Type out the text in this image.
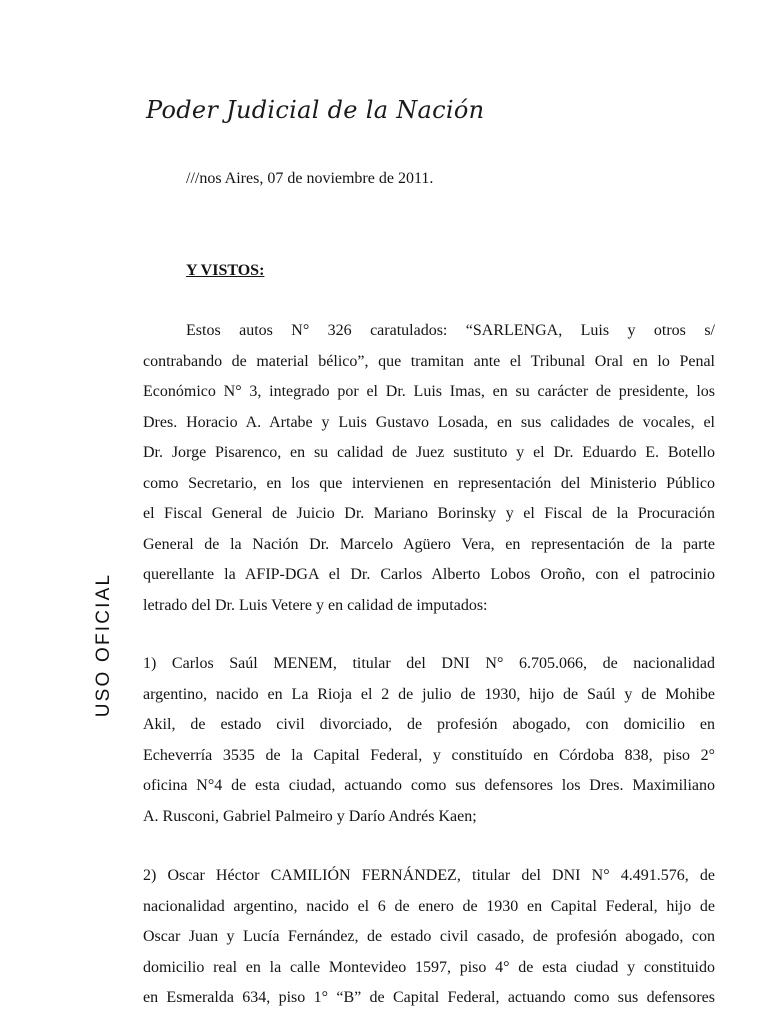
Poder Judicial de la Nación
USO OFICIAL
///nos Aires, 07 de noviembre de 2011.
Y VISTOS:

Estos autos N° 326 caratulados: “SARLENGA, Luis y otros s/
contrabando de material bélico”, que tramitan ante el Tribunal Oral en lo Penal
Económico N° 3, integrado por el Dr. Luis Imas, en su carácter de presidente, los
Dres. Horacio A. Artabe y Luis Gustavo Losada, en sus calidades de vocales, el
Dr. Jorge Pisarenco, en su calidad de Juez sustituto y el Dr. Eduardo E. Botello
como Secretario, en los que intervienen en representación del Ministerio Público
el Fiscal General de Juicio Dr. Mariano Borinsky y el Fiscal de la Procuración
General de la Nación Dr. Marcelo Agüero Vera, en representación de la parte
querellante la AFIP-DGA el Dr. Carlos Alberto Lobos Oroño, con el patrocinio
letrado del Dr. Luis Vetere y en calidad de imputados:

1) Carlos Saúl MENEM, titular del DNI N° 6.705.066, de nacionalidad
argentino, nacido en La Rioja el 2 de julio de 1930, hijo de Saúl y de Mohibe
Akil, de estado civil divorciado, de profesión abogado, con domicilio en
Echeverría 3535 de la Capital Federal, y constituído en Córdoba 838, piso 2°
oficina N°4 de esta ciudad, actuando como sus defensores los Dres. Maximiliano
A. Rusconi, Gabriel Palmeiro y Darío Andrés Kaen;

2) Oscar Héctor CAMILIÓN FERNÁNDEZ, titular del DNI N° 4.491.576, de
nacionalidad argentino, nacido el 6 de enero de 1930 en Capital Federal, hijo de
Oscar Juan y Lucía Fernández, de estado civil casado, de profesión abogado, con
domicilio real en la calle Montevideo 1597, piso 4° de esta ciudad y constituido
en Esmeralda 634, piso 1° “B” de Capital Federal, actuando como sus defensores
